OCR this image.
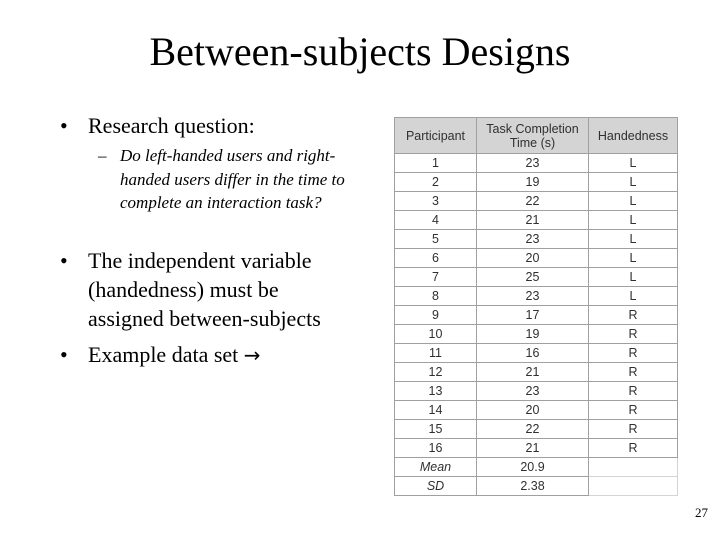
Between-subjects Designs
• Research question:
– Do left-handed users and right-handed users differ in the time to complete an interaction task?
• The independent variable (handedness) must be assigned between-subjects
• Example data set →
Participant	Task Completion Time (s)	Handedness
1	23	L
2	19	L
3	22	L
4	21	L
5	23	L
6	20	L
7	25	L
8	23	L
9	17	R
10	19	R
11	16	R
12	21	R
13	23	R
14	20	R
15	22	R
16	21	R
Mean	20.9	
SD	2.38	
27
